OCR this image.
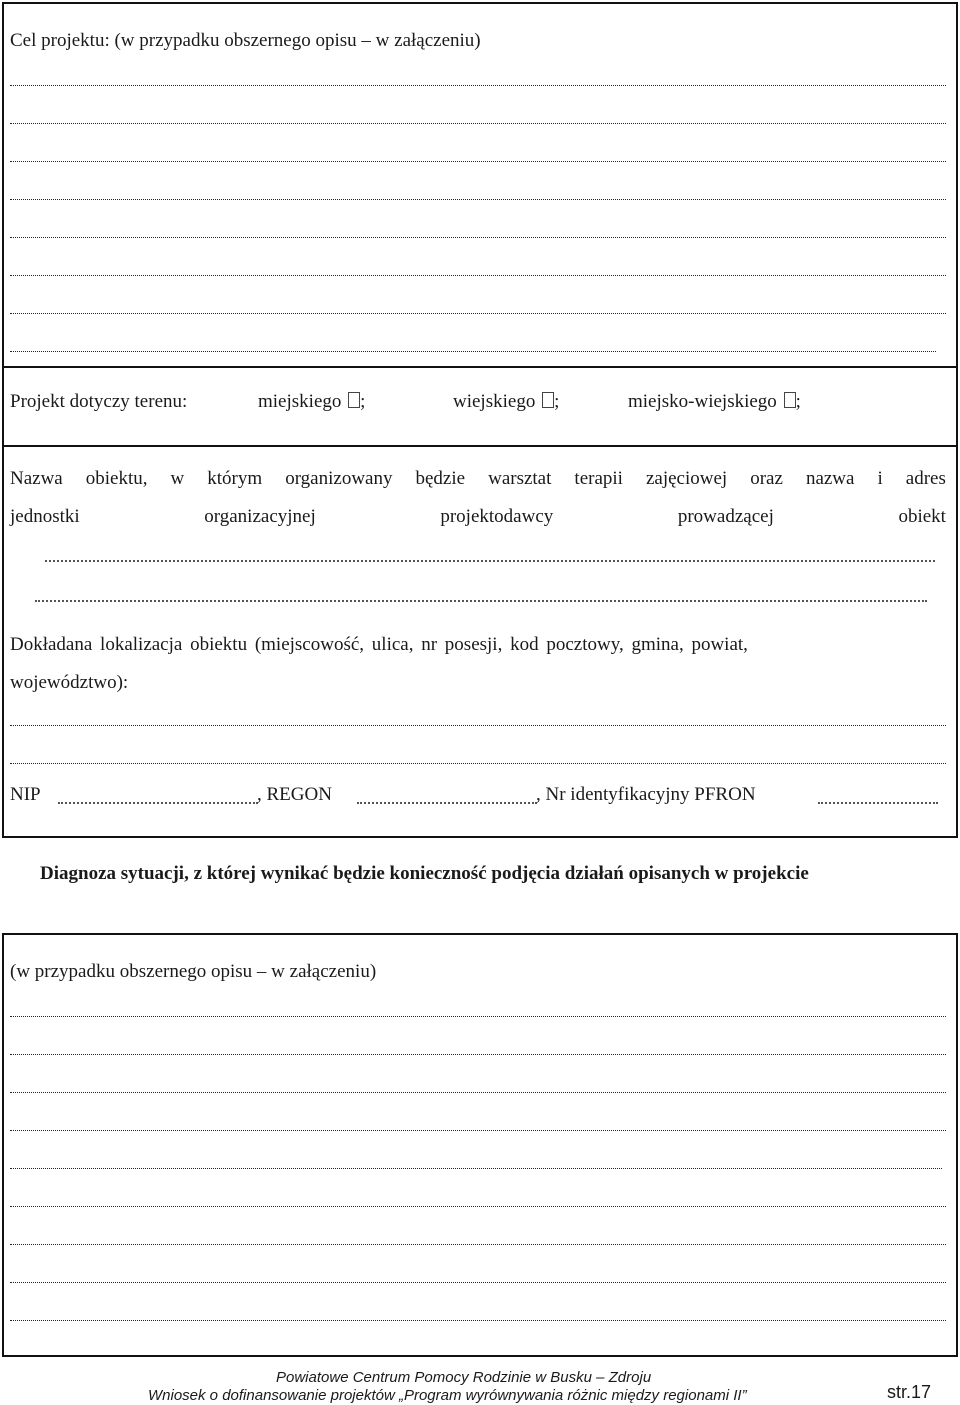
Cel projektu: (w przypadku obszernego opisu – w załączeniu)
Projekt dotyczy terenu:	miejskiego ;	wiejskiego ;	miejsko-wiejskiego ;
Nazwa obiektu, w którym organizowany będzie warsztat terapii zajęciowej oraz nazwa i adres
jednostki	organizacyjnej	projektodawcy	prowadzącej	obiekt
Dokładana lokalizacja obiektu (miejscowość, ulica, nr posesji, kod pocztowy, gmina, powiat,
województwo):
NIP	, REGON	, Nr identyfikacyjny PFRON
Diagnoza sytuacji, z której wynikać będzie konieczność podjęcia działań opisanych w projekcie
(w przypadku obszernego opisu – w załączeniu)
Powiatowe Centrum Pomocy Rodzinie w Busku – Zdroju
Wniosek o dofinansowanie projektów „Program wyrównywania różnic między regionami II”	str.17
